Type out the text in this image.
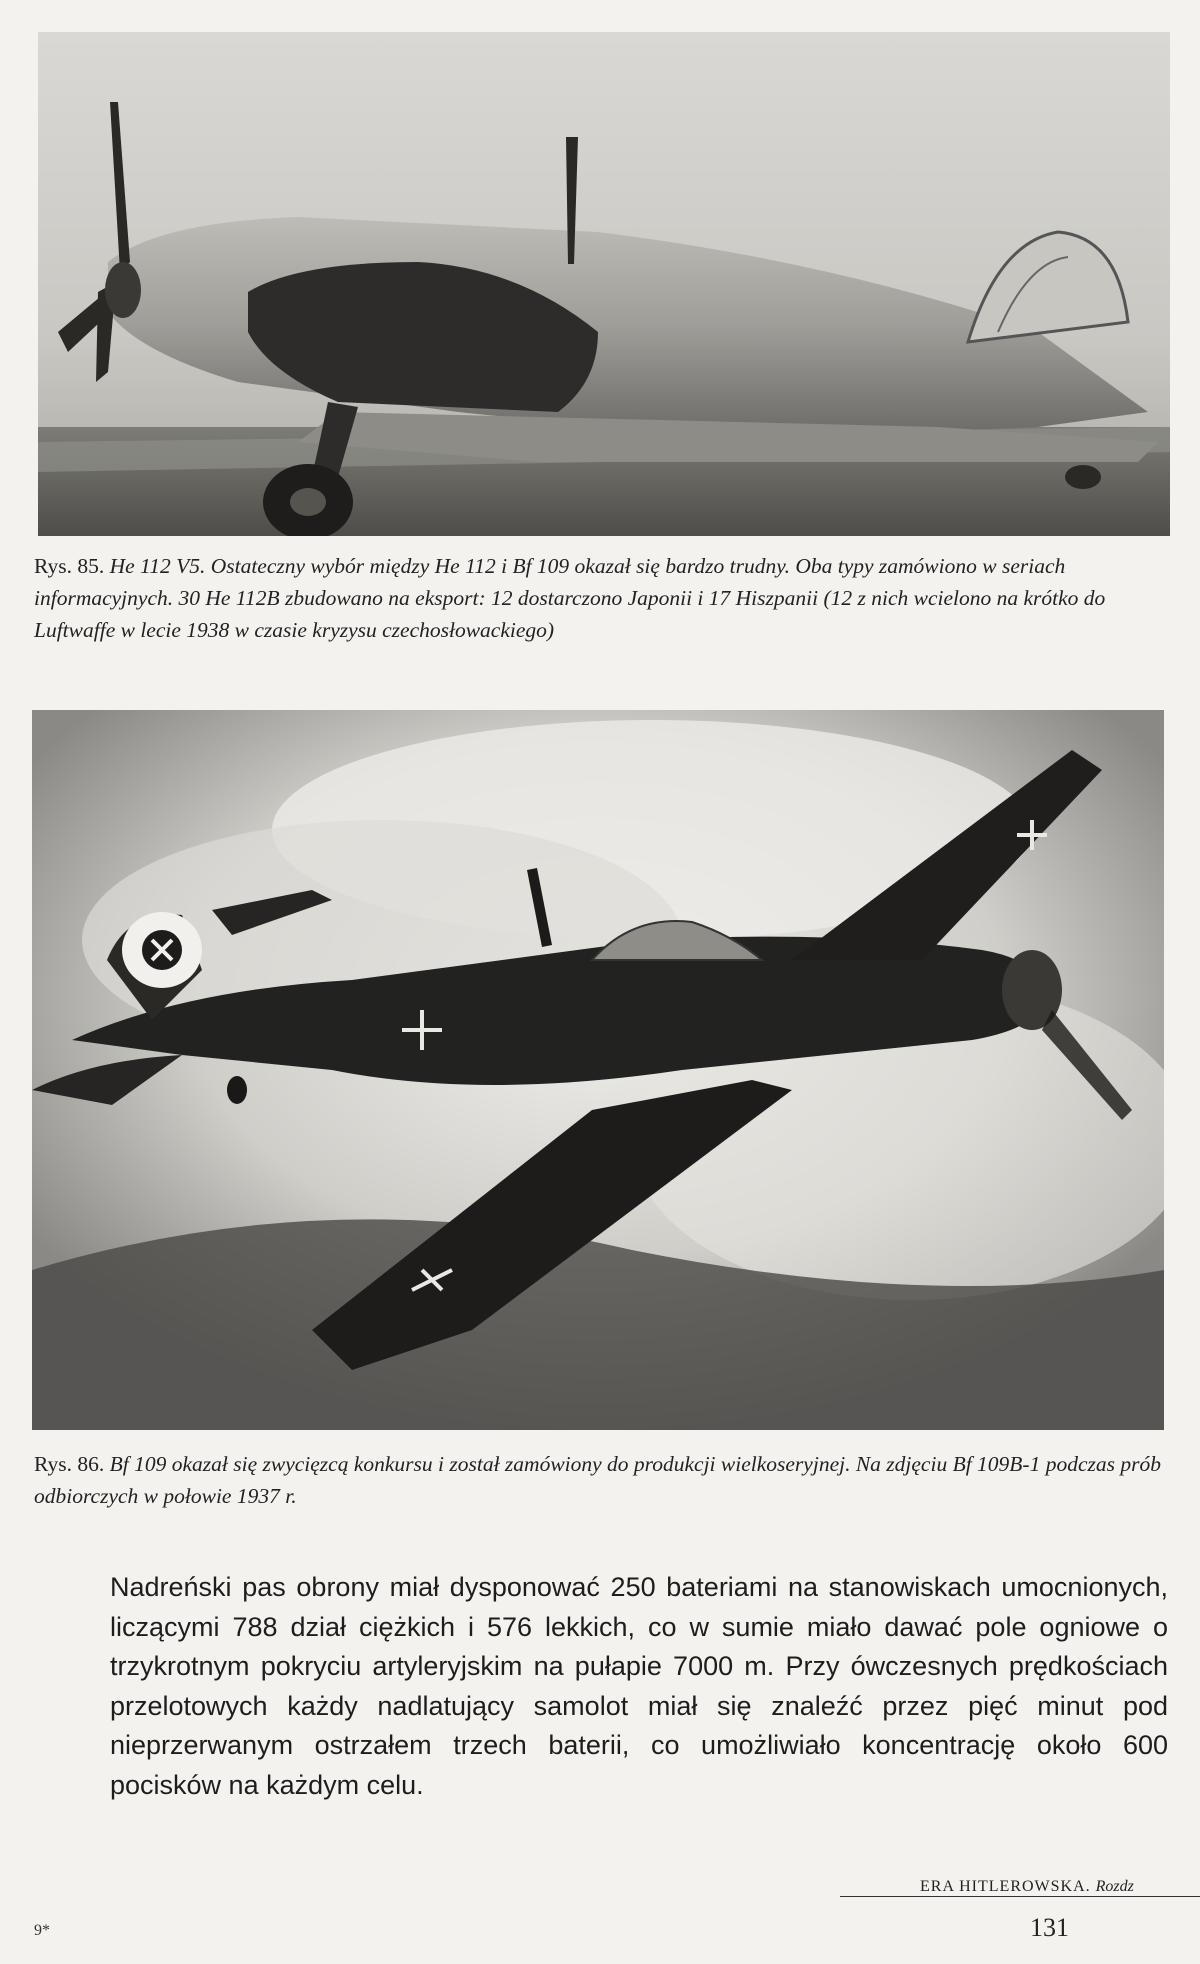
Rys. 85. He 112 V5. Ostateczny wybór między He 112 i Bf 109 okazał się bardzo trudny. Oba typy zamówiono w seriach informacyjnych. 30 He 112B zbudowano na eksport: 12 dostarczono Japonii i 17 Hiszpanii (12 z nich wcielono na krótko do Luftwaffe w lecie 1938 w czasie kryzysu czechosłowackiego)
Rys. 86. Bf 109 okazał się zwycięzcą konkursu i został zamówiony do produkcji wielkoseryjnej. Na zdjęciu Bf 109B-1 podczas prób odbiorczych w połowie 1937 r.

Nadreński pas obrony miał dysponować 250 bateriami na stanowiskach umocnionych, liczącymi 788 dział ciężkich i 576 lekkich, co w sumie miało dawać pole ogniowe o trzykrotnym pokryciu artyleryjskim na pułapie 7000 m. Przy ówczesnych prędkościach przelotowych każdy nadlatujący samolot miał się znaleźć przez pięć minut pod nieprzerwanym ostrzałem trzech baterii, co umożliwiało koncentrację około 600 pocisków na każdym celu.

ERA HITLEROWSKA. Rozdz
9*	131
